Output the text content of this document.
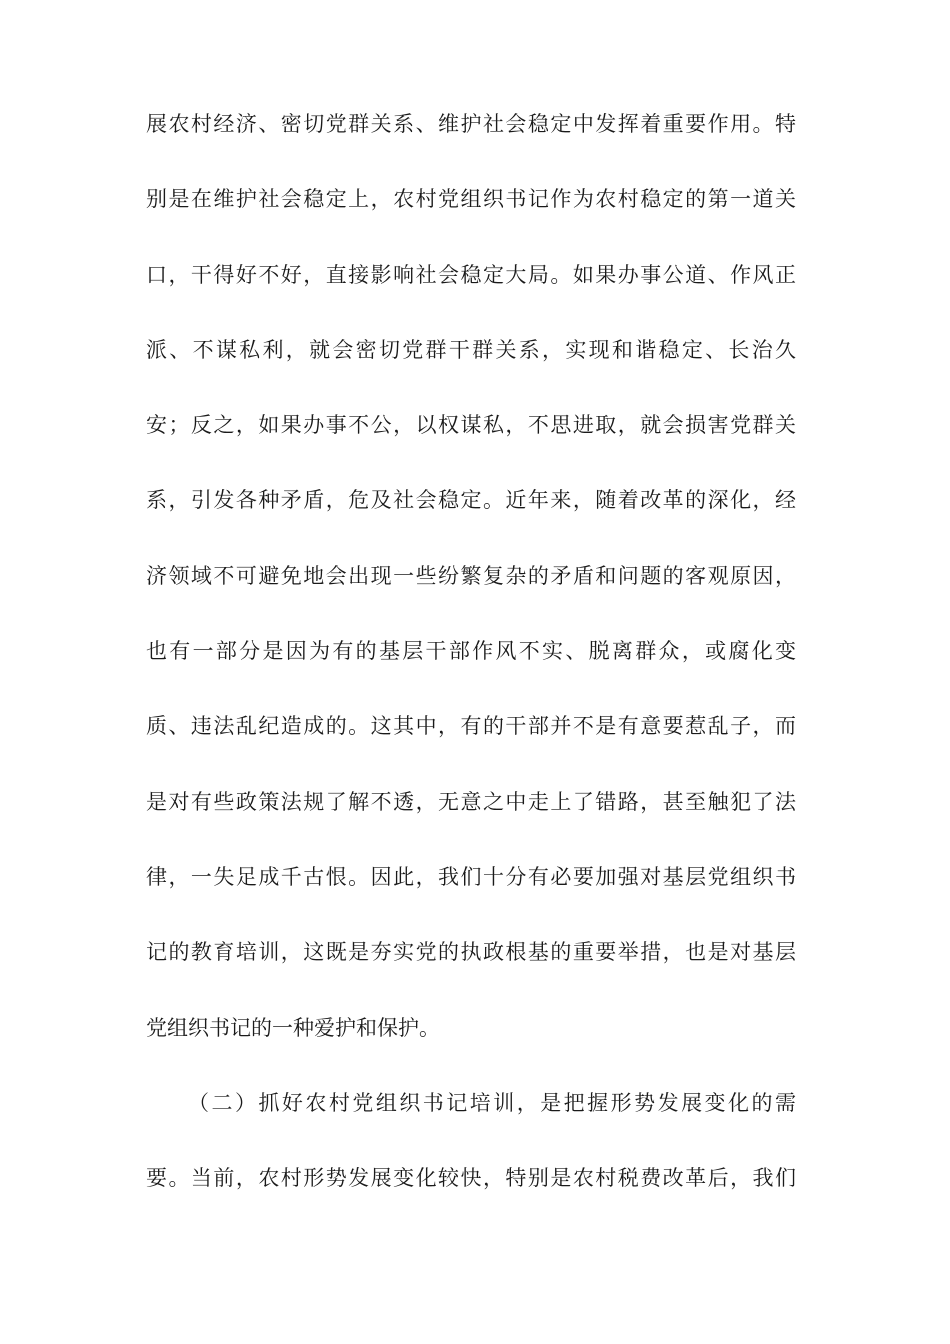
展农村经济、密切党群关系、维护社会稳定中发挥着重要作用。特
别是在维护社会稳定上，农村党组织书记作为农村稳定的第一道关
口，干得好不好，直接影响社会稳定大局。如果办事公道、作风正
派、不谋私利，就会密切党群干群关系，实现和谐稳定、长治久
安；反之，如果办事不公，以权谋私，不思进取，就会损害党群关
系，引发各种矛盾，危及社会稳定。近年来，随着改革的深化，经
济领域不可避免地会出现一些纷繁复杂的矛盾和问题的客观原因，
也有一部分是因为有的基层干部作风不实、脱离群众，或腐化变
质、违法乱纪造成的。这其中，有的干部并不是有意要惹乱子，而
是对有些政策法规了解不透，无意之中走上了错路，甚至触犯了法
律，一失足成千古恨。因此，我们十分有必要加强对基层党组织书
记的教育培训，这既是夯实党的执政根基的重要举措，也是对基层
党组织书记的一种爱护和保护。
（二）抓好农村党组织书记培训，是把握形势发展变化的需
要。当前，农村形势发展变化较快，特别是农村税费改革后，我们
